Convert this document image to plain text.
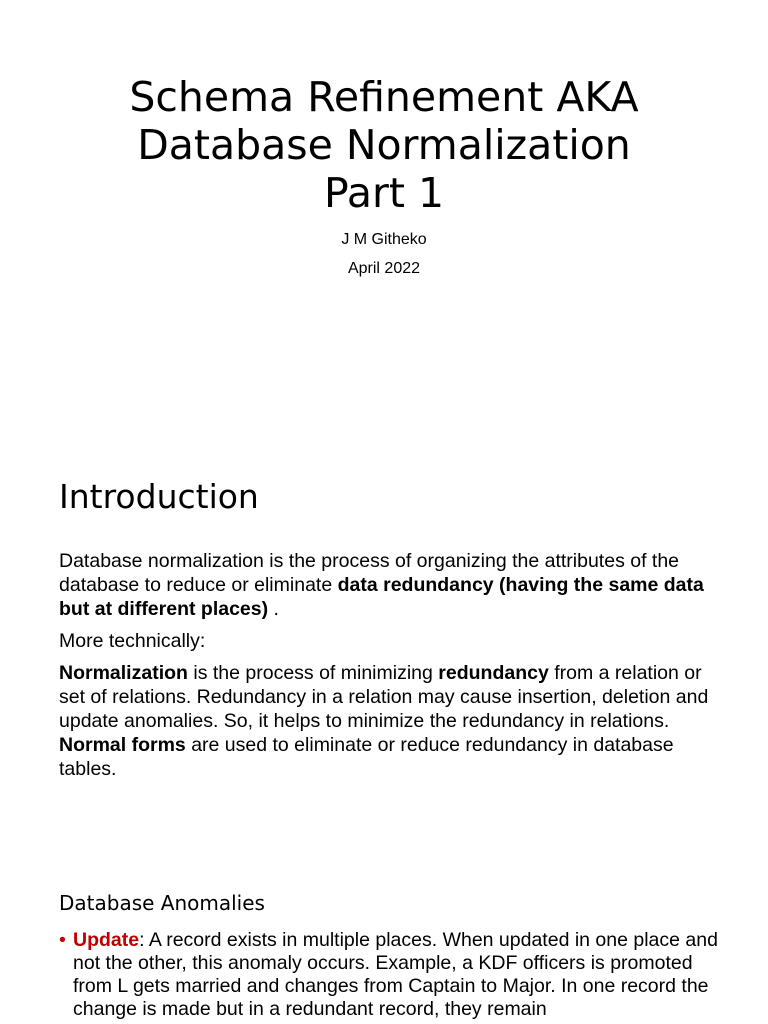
Schema Refinement AKA
Database Normalization
Part 1

J M Githeko

April 2022

Introduction

Database normalization is the process of organizing the attributes of the database to reduce or eliminate data redundancy (having the same data but at different places) .

More technically:

Normalization is the process of minimizing redundancy from a relation or set of relations. Redundancy in a relation may cause insertion, deletion and update anomalies. So, it helps to minimize the redundancy in relations. Normal forms are used to eliminate or reduce redundancy in database tables.

Database Anomalies
• Update: A record exists in multiple places. When updated in one place and not the other, this anomaly occurs. Example, a KDF officers is promoted from L gets married and changes from Captain to Major. In one record the change is made but in a redundant record, they remain
